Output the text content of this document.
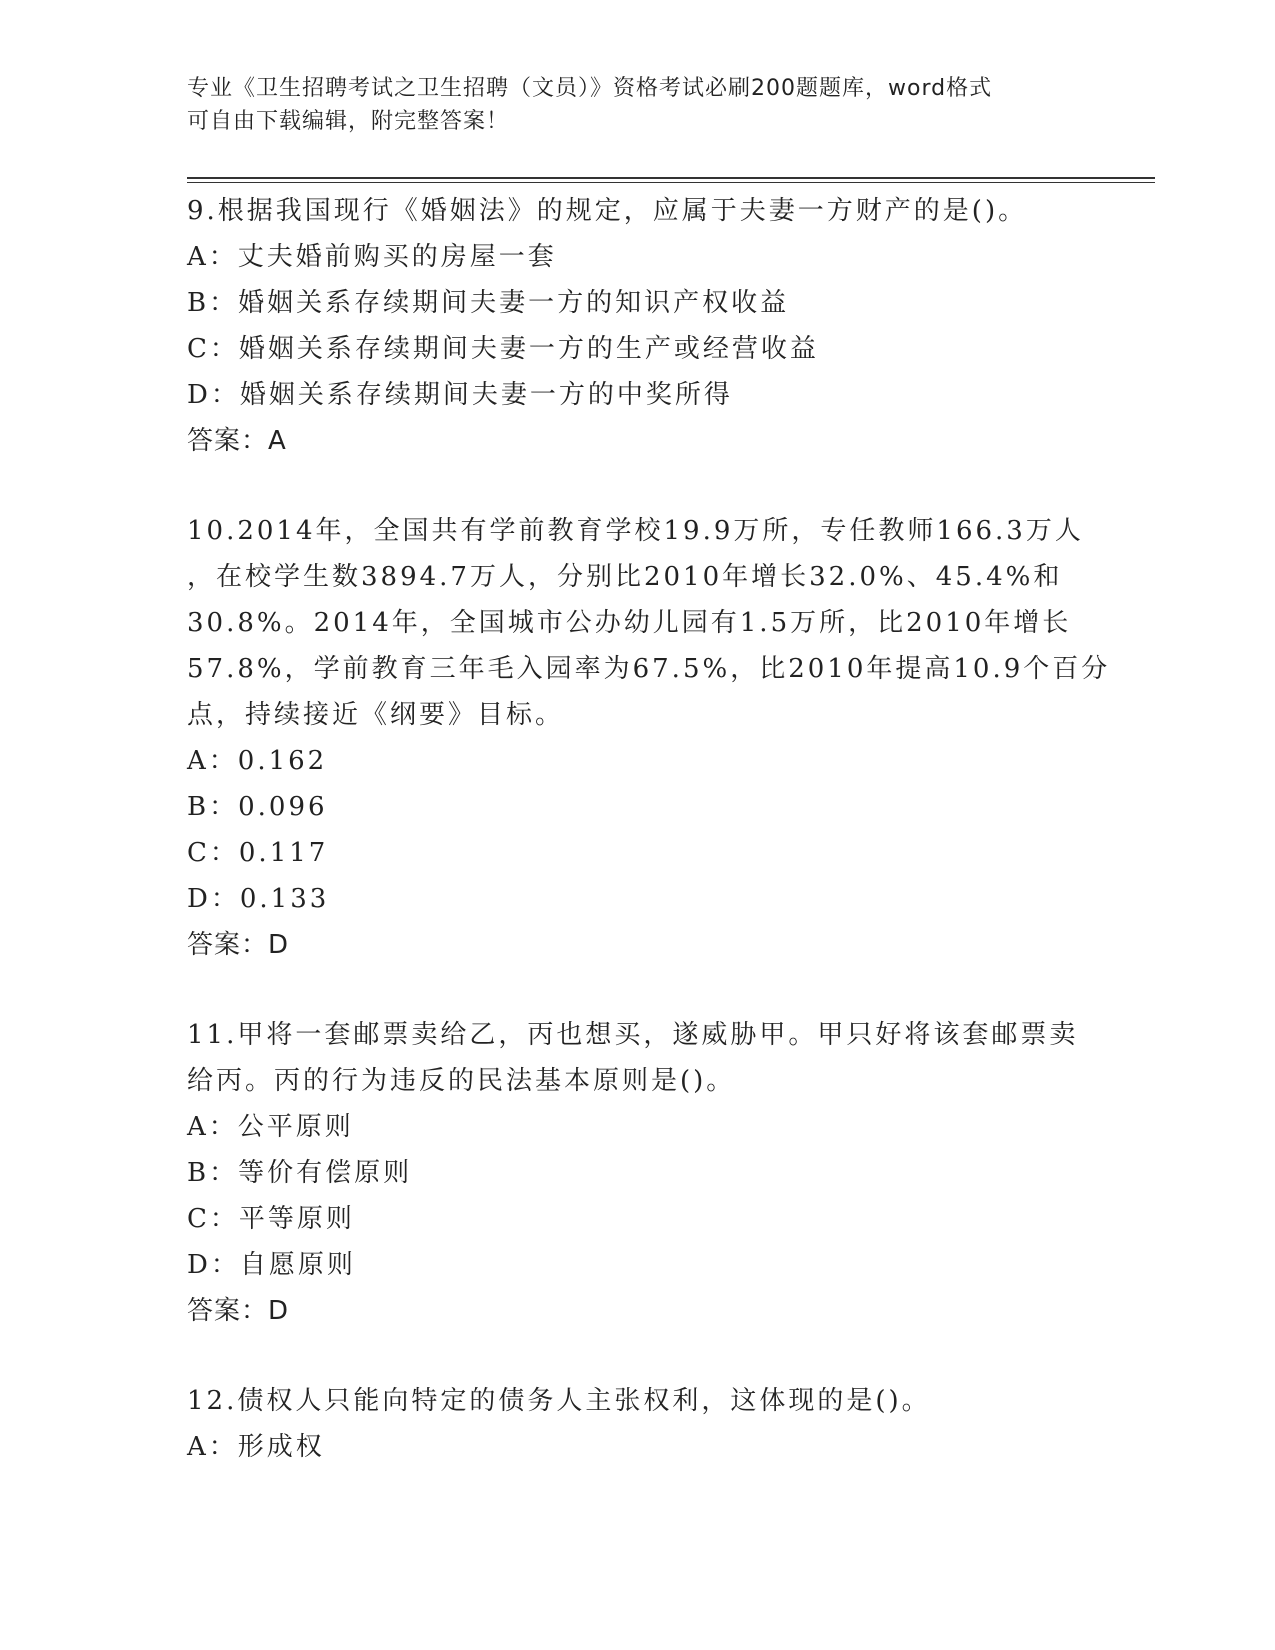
专业《卫生招聘考试之卫生招聘（文员）》资格考试必刷200题题库，word格式
可自由下载编辑，附完整答案！
9.根据我国现行《婚姻法》的规定，应属于夫妻一方财产的是()。
A：丈夫婚前购买的房屋一套
B：婚姻关系存续期间夫妻一方的知识产权收益
C：婚姻关系存续期间夫妻一方的生产或经营收益
D：婚姻关系存续期间夫妻一方的中奖所得
答案：A
10.2014年，全国共有学前教育学校19.9万所，专任教师166.3万人
，在校学生数3894.7万人，分别比2010年增长32.0%、45.4%和
30.8%。2014年，全国城市公办幼儿园有1.5万所，比2010年增长
57.8%，学前教育三年毛入园率为67.5%，比2010年提高10.9个百分
点，持续接近《纲要》目标。
A：0.162
B：0.096
C：0.117
D：0.133
答案：D
11.甲将一套邮票卖给乙，丙也想买，遂威胁甲。甲只好将该套邮票卖
给丙。丙的行为违反的民法基本原则是()。
A：公平原则
B：等价有偿原则
C：平等原则
D：自愿原则
答案：D
12.债权人只能向特定的债务人主张权利，这体现的是()。
A：形成权
